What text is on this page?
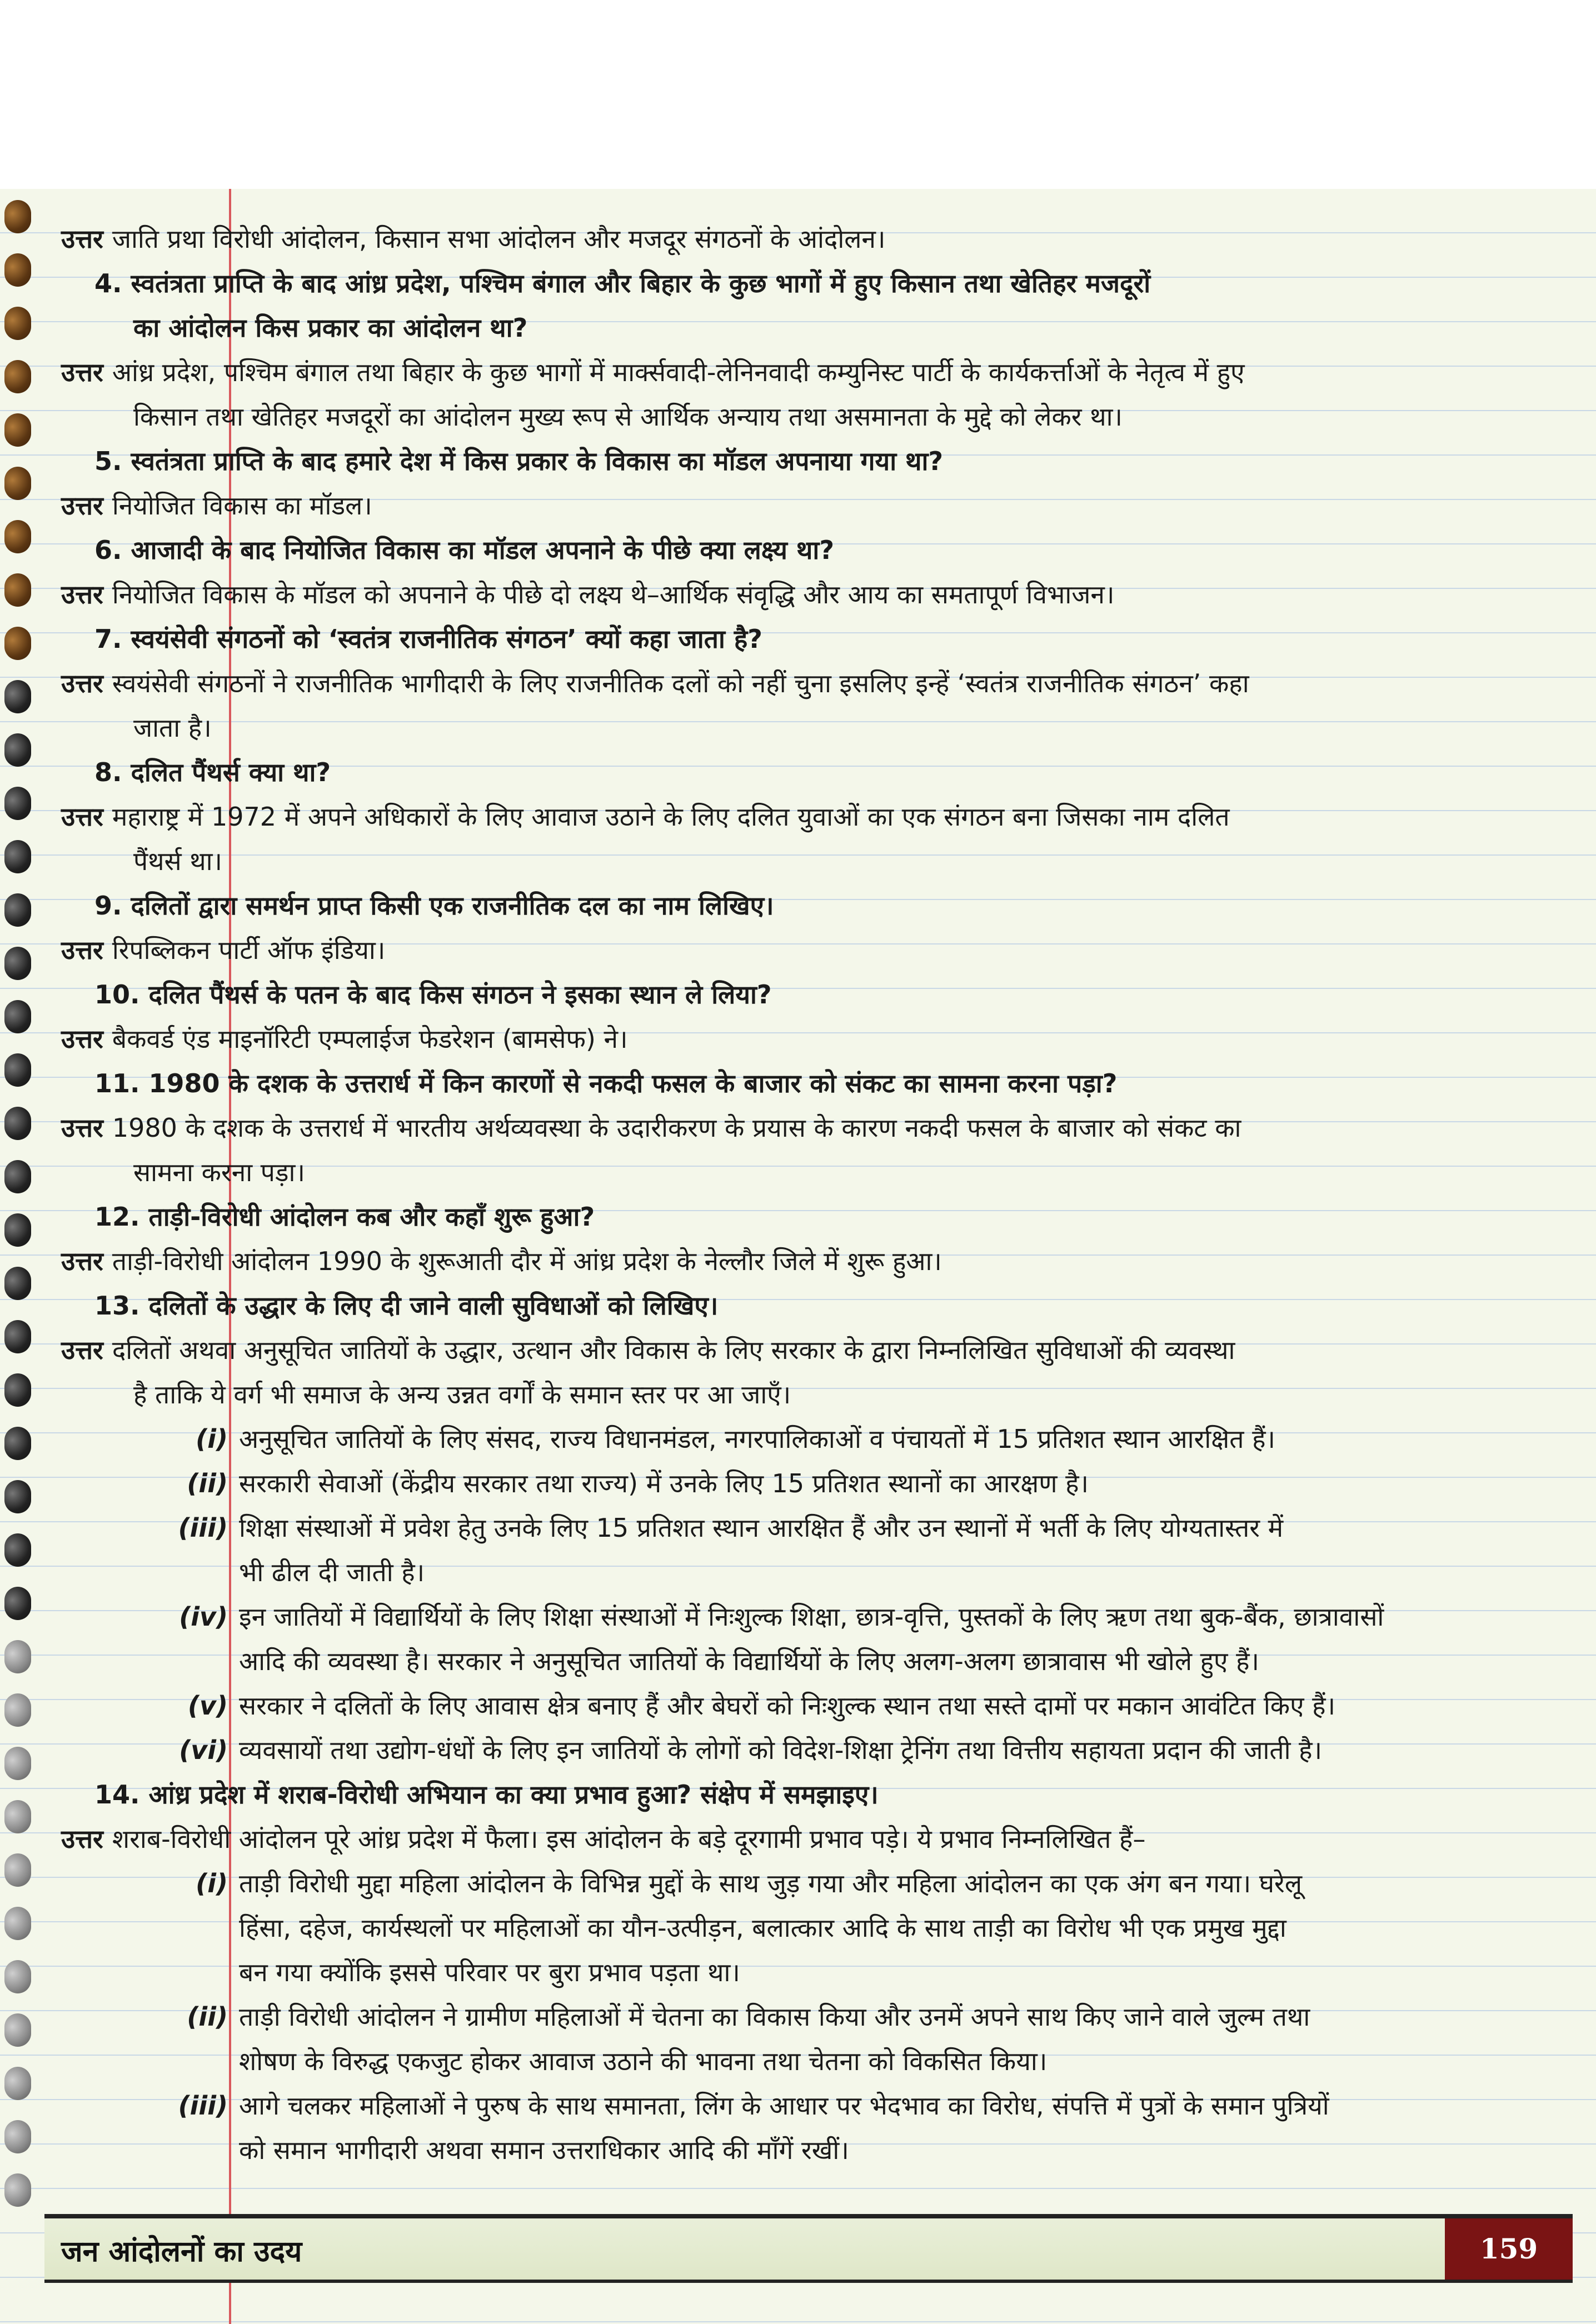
उत्तर जाति प्रथा विरोधी आंदोलन, किसान सभा आंदोलन और मजदूर संगठनों के आंदोलन।
4. स्वतंत्रता प्राप्ति के बाद आंध्र प्रदेश, पश्चिम बंगाल और बिहार के कुछ भागों में हुए किसान तथा खेतिहर मजदूरों
का आंदोलन किस प्रकार का आंदोलन था?
उत्तर आंध्र प्रदेश, पश्चिम बंगाल तथा बिहार के कुछ भागों में मार्क्सवादी-लेनिनवादी कम्युनिस्ट पार्टी के कार्यकर्त्ताओं के नेतृत्व में हुए
किसान तथा खेतिहर मजदूरों का आंदोलन मुख्य रूप से आर्थिक अन्याय तथा असमानता के मुद्दे को लेकर था।
5. स्वतंत्रता प्राप्ति के बाद हमारे देश में किस प्रकार के विकास का मॉडल अपनाया गया था?
उत्तर नियोजित विकास का मॉडल।
6. आजादी के बाद नियोजित विकास का मॉडल अपनाने के पीछे क्या लक्ष्य था?
उत्तर नियोजित विकास के मॉडल को अपनाने के पीछे दो लक्ष्य थे–आर्थिक संवृद्धि और आय का समतापूर्ण विभाजन।
7. स्वयंसेवी संगठनों को ‘स्वतंत्र राजनीतिक संगठन’ क्यों कहा जाता है?
उत्तर स्वयंसेवी संगठनों ने राजनीतिक भागीदारी के लिए राजनीतिक दलों को नहीं चुना इसलिए इन्हें ‘स्वतंत्र राजनीतिक संगठन’ कहा
जाता है।
8. दलित पैंथर्स क्या था?
उत्तर महाराष्ट्र में 1972 में अपने अधिकारों के लिए आवाज उठाने के लिए दलित युवाओं का एक संगठन बना जिसका नाम दलित
पैंथर्स था।
9. दलितों द्वारा समर्थन प्राप्त किसी एक राजनीतिक दल का नाम लिखिए।
उत्तर रिपब्लिकन पार्टी ऑफ इंडिया।
10. दलित पैंथर्स के पतन के बाद किस संगठन ने इसका स्थान ले लिया?
उत्तर बैकवर्ड एंड माइनॉरिटी एम्पलाईज फेडरेशन (बामसेफ) ने।
11. 1980 के दशक के उत्तरार्ध में किन कारणों से नकदी फसल के बाजार को संकट का सामना करना पड़ा?
उत्तर 1980 के दशक के उत्तरार्ध में भारतीय अर्थव्यवस्था के उदारीकरण के प्रयास के कारण नकदी फसल के बाजार को संकट का
सामना करना पड़ा।
12. ताड़ी-विरोधी आंदोलन कब और कहाँ शुरू हुआ?
उत्तर ताड़ी-विरोधी आंदोलन 1990 के शुरूआती दौर में आंध्र प्रदेश के नेल्लौर जिले में शुरू हुआ।
13. दलितों के उद्धार के लिए दी जाने वाली सुविधाओं को लिखिए।
उत्तर दलितों अथवा अनुसूचित जातियों के उद्धार, उत्थान और विकास के लिए सरकार के द्वारा निम्नलिखित सुविधाओं की व्यवस्था
है ताकि ये वर्ग भी समाज के अन्य उन्नत वर्गों के समान स्तर पर आ जाएँ।
(i) अनुसूचित जातियों के लिए संसद, राज्य विधानमंडल, नगरपालिकाओं व पंचायतों में 15 प्रतिशत स्थान आरक्षित हैं।
(ii) सरकारी सेवाओं (केंद्रीय सरकार तथा राज्य) में उनके लिए 15 प्रतिशत स्थानों का आरक्षण है।
(iii) शिक्षा संस्थाओं में प्रवेश हेतु उनके लिए 15 प्रतिशत स्थान आरक्षित हैं और उन स्थानों में भर्ती के लिए योग्यतास्तर में
भी ढील दी जाती है।
(iv) इन जातियों में विद्यार्थियों के लिए शिक्षा संस्थाओं में निःशुल्क शिक्षा, छात्र-वृत्ति, पुस्तकों के लिए ऋण तथा बुक-बैंक, छात्रावासों
आदि की व्यवस्था है। सरकार ने अनुसूचित जातियों के विद्यार्थियों के लिए अलग-अलग छात्रावास भी खोले हुए हैं।
(v) सरकार ने दलितों के लिए आवास क्षेत्र बनाए हैं और बेघरों को निःशुल्क स्थान तथा सस्ते दामों पर मकान आवंटित किए हैं।
(vi) व्यवसायों तथा उद्योग-धंधों के लिए इन जातियों के लोगों को विदेश-शिक्षा ट्रेनिंग तथा वित्तीय सहायता प्रदान की जाती है।
14. आंध्र प्रदेश में शराब-विरोधी अभियान का क्या प्रभाव हुआ? संक्षेप में समझाइए।
उत्तर शराब-विरोधी आंदोलन पूरे आंध्र प्रदेश में फैला। इस आंदोलन के बड़े दूरगामी प्रभाव पड़े। ये प्रभाव निम्नलिखित हैं–
(i) ताड़ी विरोधी मुद्दा महिला आंदोलन के विभिन्न मुद्दों के साथ जुड़ गया और महिला आंदोलन का एक अंग बन गया। घरेलू
हिंसा, दहेज, कार्यस्थलों पर महिलाओं का यौन-उत्पीड़न, बलात्कार आदि के साथ ताड़ी का विरोध भी एक प्रमुख मुद्दा
बन गया क्योंकि इससे परिवार पर बुरा प्रभाव पड़ता था।
(ii) ताड़ी विरोधी आंदोलन ने ग्रामीण महिलाओं में चेतना का विकास किया और उनमें अपने साथ किए जाने वाले जुल्म तथा
शोषण के विरुद्ध एकजुट होकर आवाज उठाने की भावना तथा चेतना को विकसित किया।
(iii) आगे चलकर महिलाओं ने पुरुष के साथ समानता, लिंग के आधार पर भेदभाव का विरोध, संपत्ति में पुत्रों के समान पुत्रियों
को समान भागीदारी अथवा समान उत्तराधिकार आदि की माँगें रखीं।
जन आंदोलनों का उदय	159
